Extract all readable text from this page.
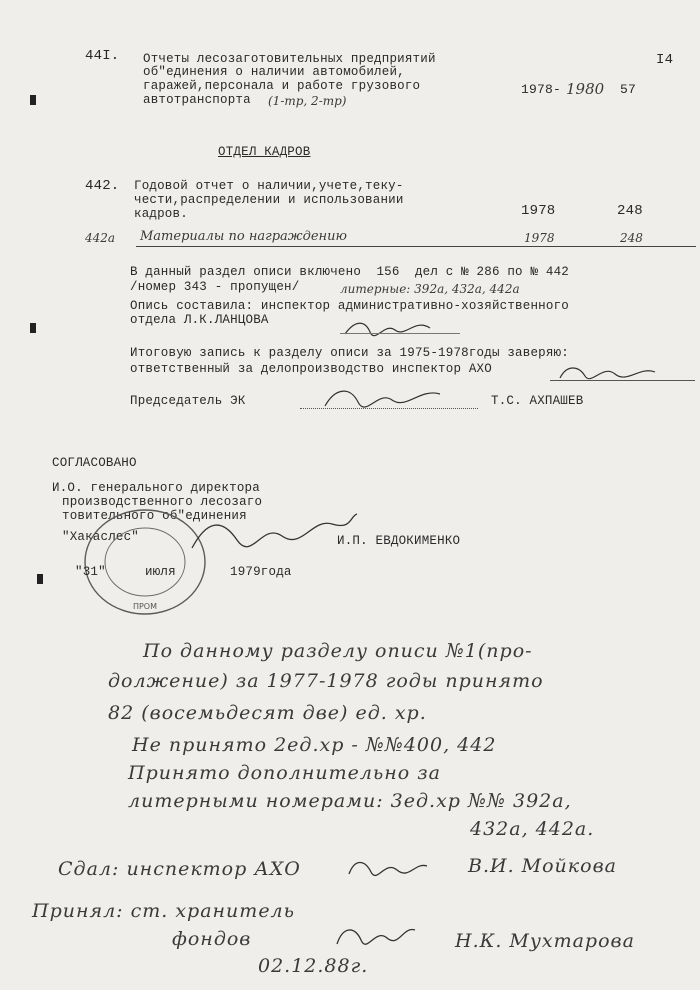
I4
44I. Отчеты лесозаготовительных предприятий
об"единения о наличии автомобилей,
гаражей,персонала и работе грузового
автотранспорта (1-тр, 2-тр)
1978- 1980 57
ОТДЕЛ КАДРОВ
442. Годовой отчет о наличии,учете,теку-
чести,распределении и использовании
кадров.	1978	248
442а Материалы по награждению	1978	248
В данный раздел описи включено  156  дел с № 286 по № 442
/номер 343 - пропущен/	литерные: 392а, 432а, 442а
Опись составила: инспектор административно-хозяйственного
отдела Л.К.ЛАНЦОВА
Итоговую запись к разделу описи за 1975-1978годы заверяю:
ответственный за делопроизводство инспектор АХО
Председатель ЭК	Т.С. АХПАШЕВ
СОГЛАСОВАНО
И.О. генерального директора
производственного лесозаго
товительного об"единения
"Хакаслес"
ПРОМ
И.П. ЕВДОКИМЕНКО
"31"	июля	1979года
По данному разделу описи №1(про-
должение) за 1977-1978 годы принято
82 (восемьдесят две) ед. хр.
Не принято 2ед.хр - №№400, 442
Принято дополнительно за
литерными номерами: 3ед.хр №№ 392а,
432а, 442а.
Сдал: инспектор АХО	В.И. Мойкова
Принял: ст. хранитель
фондов	Н.К. Мухтарова
02.12.88г.
